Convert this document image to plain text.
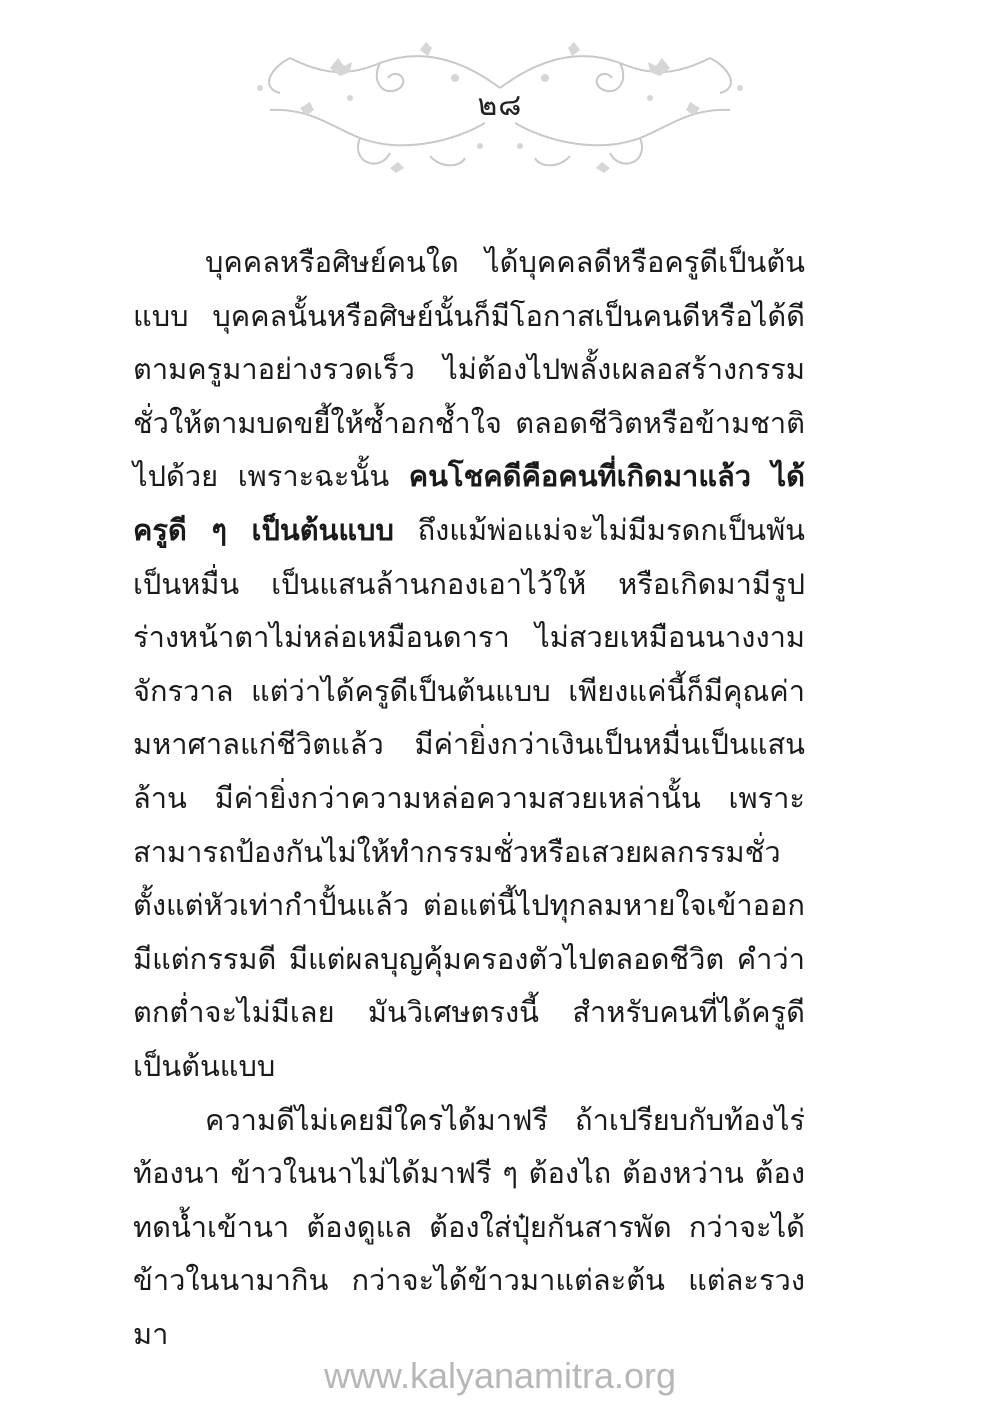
๒๘

บุคคลหรือศิษย์คนใด ได้บุคคลดีหรือครูดีเป็นต้นแบบ บุคคลนั้นหรือศิษย์นั้นก็มีโอกาสเป็นคนดีหรือได้ดีตามครูมาอย่างรวดเร็ว ไม่ต้องไปพลั้งเผลอสร้างกรรมชั่วให้ตามบดขยี้ให้ซ้ำอกช้ำใจ ตลอดชีวิตหรือข้ามชาติไปด้วย เพราะฉะนั้น คนโชคดีคือคนที่เกิดมาแล้ว ได้ครูดี ๆ เป็นต้นแบบ ถึงแม้พ่อแม่จะไม่มีมรดกเป็นพัน เป็นหมื่น เป็นแสนล้านกองเอาไว้ให้ หรือเกิดมามีรูปร่างหน้าตาไม่หล่อเหมือนดารา ไม่สวยเหมือนนางงามจักรวาล แต่ว่าได้ครูดีเป็นต้นแบบ เพียงแค่นี้ก็มีคุณค่ามหาศาลแก่ชีวิตแล้ว มีค่ายิ่งกว่าเงินเป็นหมื่นเป็นแสนล้าน มีค่ายิ่งกว่าความหล่อความสวยเหล่านั้น เพราะสามารถป้องกันไม่ให้ทำกรรมชั่วหรือเสวยผลกรรมชั่วตั้งแต่หัวเท่ากำปั้นแล้ว ต่อแต่นี้ไปทุกลมหายใจเข้าออกมีแต่กรรมดี มีแต่ผลบุญคุ้มครองตัวไปตลอดชีวิต คำว่าตกต่ำจะไม่มีเลย มันวิเศษตรงนี้ สำหรับคนที่ได้ครูดีเป็นต้นแบบ

ความดีไม่เคยมีใครได้มาฟรี ถ้าเปรียบกับท้องไร่ท้องนา ข้าวในนาไม่ได้มาฟรี ๆ ต้องไถ ต้องหว่าน ต้องทดน้ำเข้านา ต้องดูแล ต้องใส่ปุ๋ยกันสารพัด กว่าจะได้ข้าวในนามากิน กว่าจะได้ข้าวมาแต่ละต้น แต่ละรวงมา

www.kalyanamitra.org
